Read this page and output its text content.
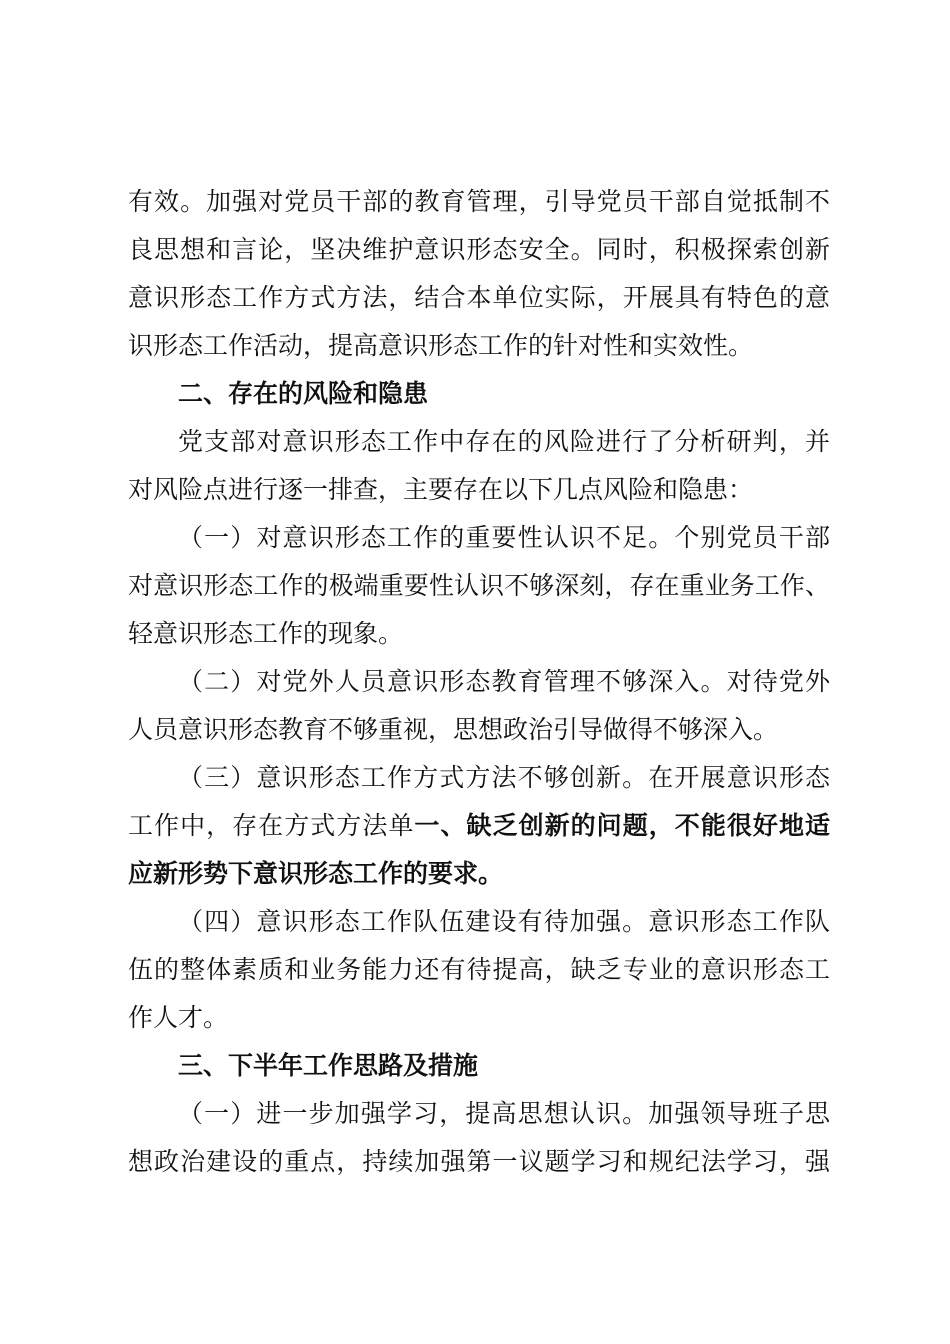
有效。加强对党员干部的教育管理，引导党员干部自觉抵制不
良思想和言论，坚决维护意识形态安全。同时，积极探索创新
意识形态工作方式方法，结合本单位实际，开展具有特色的意
识形态工作活动，提高意识形态工作的针对性和实效性。
二、存在的风险和隐患
党支部对意识形态工作中存在的风险进行了分析研判，并
对风险点进行逐一排查，主要存在以下几点风险和隐患：
（一）对意识形态工作的重要性认识不足。个别党员干部
对意识形态工作的极端重要性认识不够深刻，存在重业务工作、
轻意识形态工作的现象。
（二）对党外人员意识形态教育管理不够深入。对待党外
人员意识形态教育不够重视，思想政治引导做得不够深入。
（三）意识形态工作方式方法不够创新。在开展意识形态
工作中，存在方式方法单一、缺乏创新的问题，不能很好地适
应新形势下意识形态工作的要求。
（四）意识形态工作队伍建设有待加强。意识形态工作队
伍的整体素质和业务能力还有待提高，缺乏专业的意识形态工
作人才。
三、下半年工作思路及措施
（一）进一步加强学习，提高思想认识。加强领导班子思
想政治建设的重点，持续加强第一议题学习和规纪法学习，强
